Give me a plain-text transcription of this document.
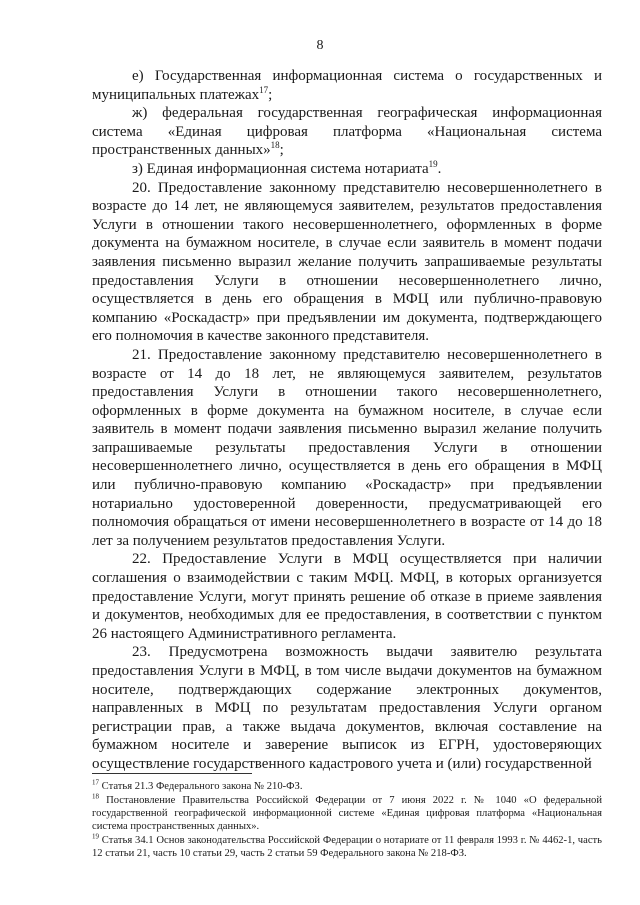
8

е) Государственная информационная система о государственных и муниципальных платежах$^{17}$;

ж) федеральная государственная географическая информационная система «Единая цифровая платформа «Национальная система пространственных данных»$^{18}$;

з) Единая информационная система нотариата$^{19}$.

20. Предоставление законному представителю несовершеннолетнего в возрасте до 14 лет, не являющемуся заявителем, результатов предоставления Услуги в отношении такого несовершеннолетнего, оформленных в форме документа на бумажном носителе, в случае если заявитель в момент подачи заявления письменно выразил желание получить запрашиваемые результаты предоставления Услуги в отношении несовершеннолетнего лично, осуществляется в день его обращения в МФЦ или публично-правовую компанию «Роскадастр» при предъявлении им документа, подтверждающего его полномочия в качестве законного представителя.

21. Предоставление законному представителю несовершеннолетнего в возрасте от 14 до 18 лет, не являющемуся заявителем, результатов предоставления Услуги в отношении такого несовершеннолетнего, оформленных в форме документа на бумажном носителе, в случае если заявитель в момент подачи заявления письменно выразил желание получить запрашиваемые результаты предоставления Услуги в отношении несовершеннолетнего лично, осуществляется в день его обращения в МФЦ или публично-правовую компанию «Роскадастр» при предъявлении нотариально удостоверенной доверенности, предусматривающей его полномочия обращаться от имени несовершеннолетнего в возрасте от 14 до 18 лет за получением результатов предоставления Услуги.

22. Предоставление Услуги в МФЦ осуществляется при наличии соглашения о взаимодействии с таким МФЦ. МФЦ, в которых организуется предоставление Услуги, могут принять решение об отказе в приеме заявления и документов, необходимых для ее предоставления, в соответствии с пунктом 26 настоящего Административного регламента.

23. Предусмотрена возможность выдачи заявителю результата предоставления Услуги в МФЦ, в том числе выдачи документов на бумажном носителе, подтверждающих содержание электронных документов, направленных в МФЦ по результатам предоставления Услуги органом регистрации прав, а также выдача документов, включая составление на бумажном носителе и заверение выписок из ЕГРН, удостоверяющих осуществление государственного кадастрового учета и (или) государственной

$^{17}$ Статья 21.3 Федерального закона № 210-ФЗ.

$^{18}$ Постановление Правительства Российской Федерации от 7 июня 2022 г. № 1040 «О федеральной государственной географической информационной системе «Единая цифровая платформа «Национальная система пространственных данных».

$^{19}$ Статья 34.1 Основ законодательства Российской Федерации о нотариате от 11 февраля 1993 г. № 4462-1, часть 12 статьи 21, часть 10 статьи 29, часть 2 статьи 59 Федерального закона № 218-ФЗ.
